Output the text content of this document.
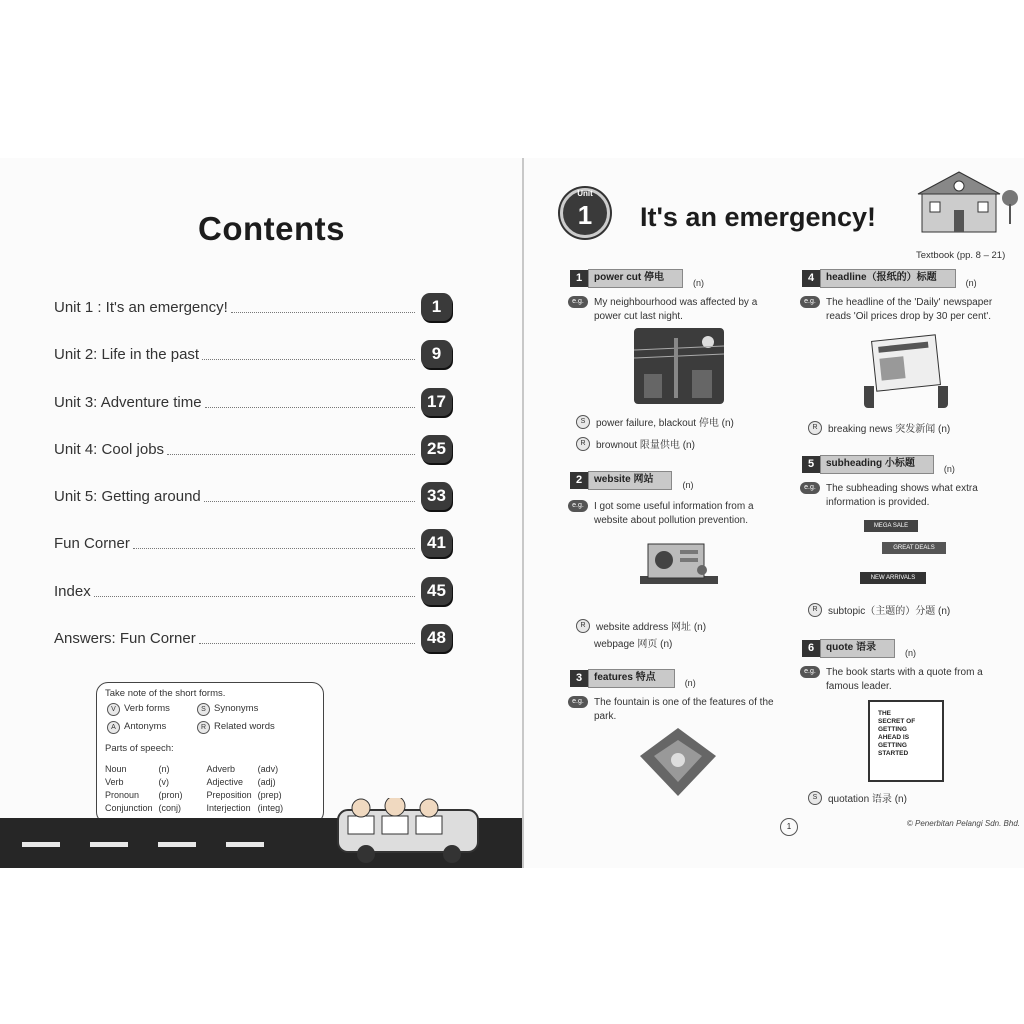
Contents
Unit 1 : It's an emergency!	1
Unit 2: Life in the past	9
Unit 3: Adventure time	17
Unit 4: Cool jobs	25
Unit 5: Getting around	33
Fun Corner	41
Index	45
Answers: Fun Corner	48
Take note of the short forms.
V Verb forms	S Synonyms
A Antonyms	R Related words
Parts of speech:
Noun	(n)	Adverb	(adv)
Verb	(v)	Adjective	(adj)
Pronoun	(pron)	Preposition	(prep)
Conjunction	(conj)	Interjection	(integ)
Unit
1	It's an emergency!
Textbook (pp. 8 – 21)
1	power cut 停电	(n)
e.g.	My neighbourhood was affected by a power cut last night.
S	power failure, blackout 停电 (n)
R	brownout 限量供电 (n)
2	website 网站	(n)
e.g.	I got some useful information from a website about pollution prevention.
R	website address 网址 (n)
webpage 网页 (n)
3	features 特点	(n)
e.g.	The fountain is one of the features of the park.
4	headline（报纸的）标题	(n)
e.g.	The headline of the 'Daily' newspaper reads 'Oil prices drop by 30 per cent'.
R	breaking news 突发新闻 (n)
5	subheading 小标题	(n)
e.g.	The subheading shows what extra information is provided.
MEGA SALE
GREAT DEALS
NEW ARRIVALS
R	subtopic（主题的）分题 (n)
6	quote 语录	(n)
e.g.	The book starts with a quote from a famous leader.
THE SECRET OF GETTING AHEAD IS GETTING STARTED
S	quotation 语录 (n)
1	© Penerbitan Pelangi Sdn. Bhd.
